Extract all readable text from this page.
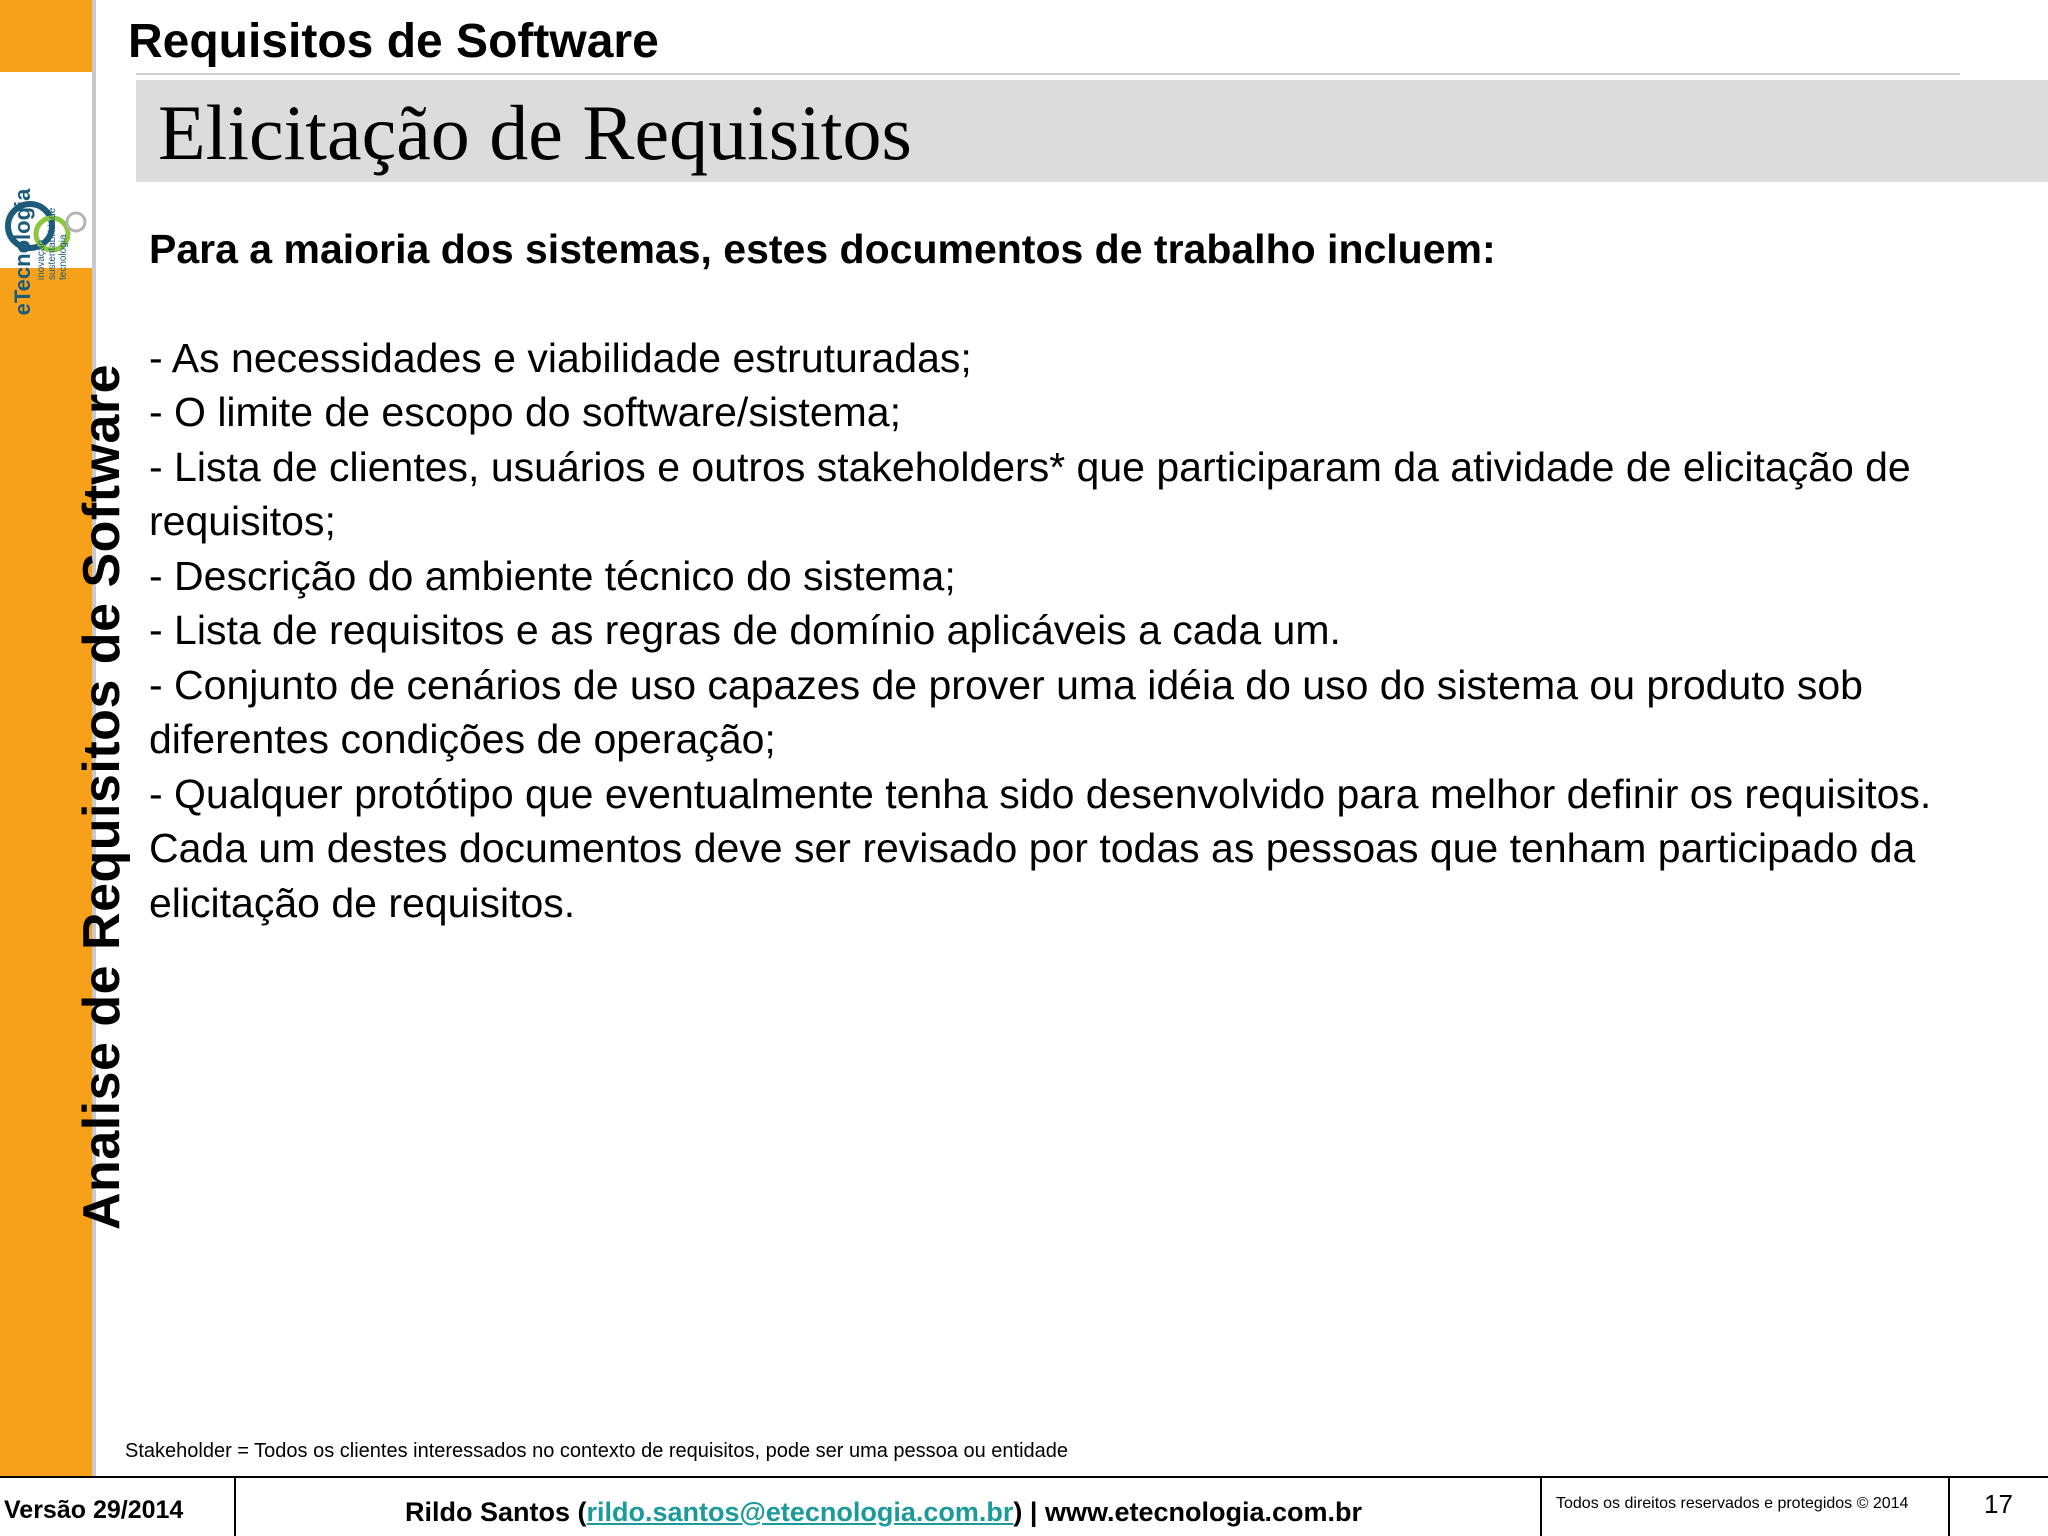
eTecnologia inovação sustentabilidade tecnologia
Analise de Requisitos de Software
Requisitos de Software
Elicitação de Requisitos
Para a maioria dos sistemas, estes documentos de trabalho incluem:
- As necessidades e viabilidade estruturadas;
- O limite de escopo do software/sistema;
- Lista de clientes, usuários e outros stakeholders* que participaram da atividade de elicitação de requisitos;
- Descrição do ambiente técnico do sistema;
- Lista de requisitos e as regras de domínio aplicáveis a cada um.
- Conjunto de cenários de uso capazes de prover uma idéia do uso do sistema ou produto sob diferentes condições de operação;
- Qualquer protótipo que eventualmente tenha sido desenvolvido para melhor definir os requisitos.
Cada um destes documentos deve ser revisado por todas as pessoas que tenham participado da elicitação de requisitos.
Stakeholder = Todos os clientes interessados no contexto de requisitos, pode ser uma pessoa ou entidade
Versão 29/2014	Rildo Santos (rildo.santos@etecnologia.com.br) | www.etecnologia.com.br	Todos os direitos reservados e protegidos © 2014	17
